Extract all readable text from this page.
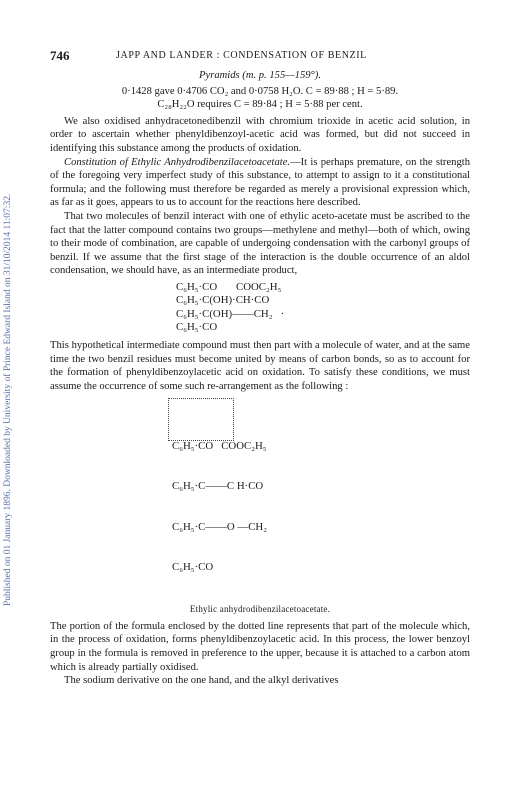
Published on 01 January 1896. Downloaded by University of Prince Edward Island on 31/10/2014 11:07:32.
746	JAPP AND LANDER : CONDENSATION OF BENZIL

Pyramids (m. p. 155—159°).

0·1428 gave 0·4706 CO₂ and 0·0758 H₂O. C = 89·88 ; H = 5·89.

C₂₈H₂₂O requires C = 89·84 ; H = 5·88 per cent.

We also oxidised anhydracetonedibenzil with chromium trioxide in acetic acid solution, in order to ascertain whether phenyldibenzoyl-acetic acid was formed, but did not succeed in identifying this substance among the products of oxidation.

Constitution of Ethylic Anhydrodibenzilacetoacetate.—It is perhaps premature, on the strength of the foregoing very imperfect study of this substance, to attempt to assign to it a constitutional formula; and the following must therefore be regarded as merely a provisional expression which, as far as it goes, appears to us to account for the reactions here described.

That two molecules of benzil interact with one of ethylic aceto-acetate must be ascribed to the fact that the latter compound contains two groups—methylene and methyl—both of which, owing to their mode of combination, are capable of undergoing condensation with the carbonyl groups of benzil. If we assume that the first stage of the interaction is the double occurrence of an aldol condensation, we should have, as an intermediate product,

C₆H₅·CO       COOC₂H₅
C₆H₅·C(OH)·CH·CO
C₆H₅·C(OH)——CH₂   ·
C₆H₅·CO

This hypothetical intermediate compound must then part with a molecule of water, and at the same time the two benzil residues must become united by means of carbon bonds, so as to account for the formation of phenyldibenzoylacetic acid on oxidation. To satisfy these conditions, we must assume the occurrence of some such re-arrangement as the following :

C₆H₅·CO   COOC₂H₅

C₆H₅·C——C H·CO

C₆H₅·C——O —CH₂

C₆H₅·CO

Ethylic anhydrodibenzilacetoacetate.

The portion of the formula enclosed by the dotted line represents that part of the molecule which, in the process of oxidation, forms phenyldibenzoylacetic acid. In this process, the lower benzoyl group in the formula is removed in preference to the upper, because it is attached to a carbon atom which is already partially oxidised.

The sodium derivative on the one hand, and the alkyl derivatives
